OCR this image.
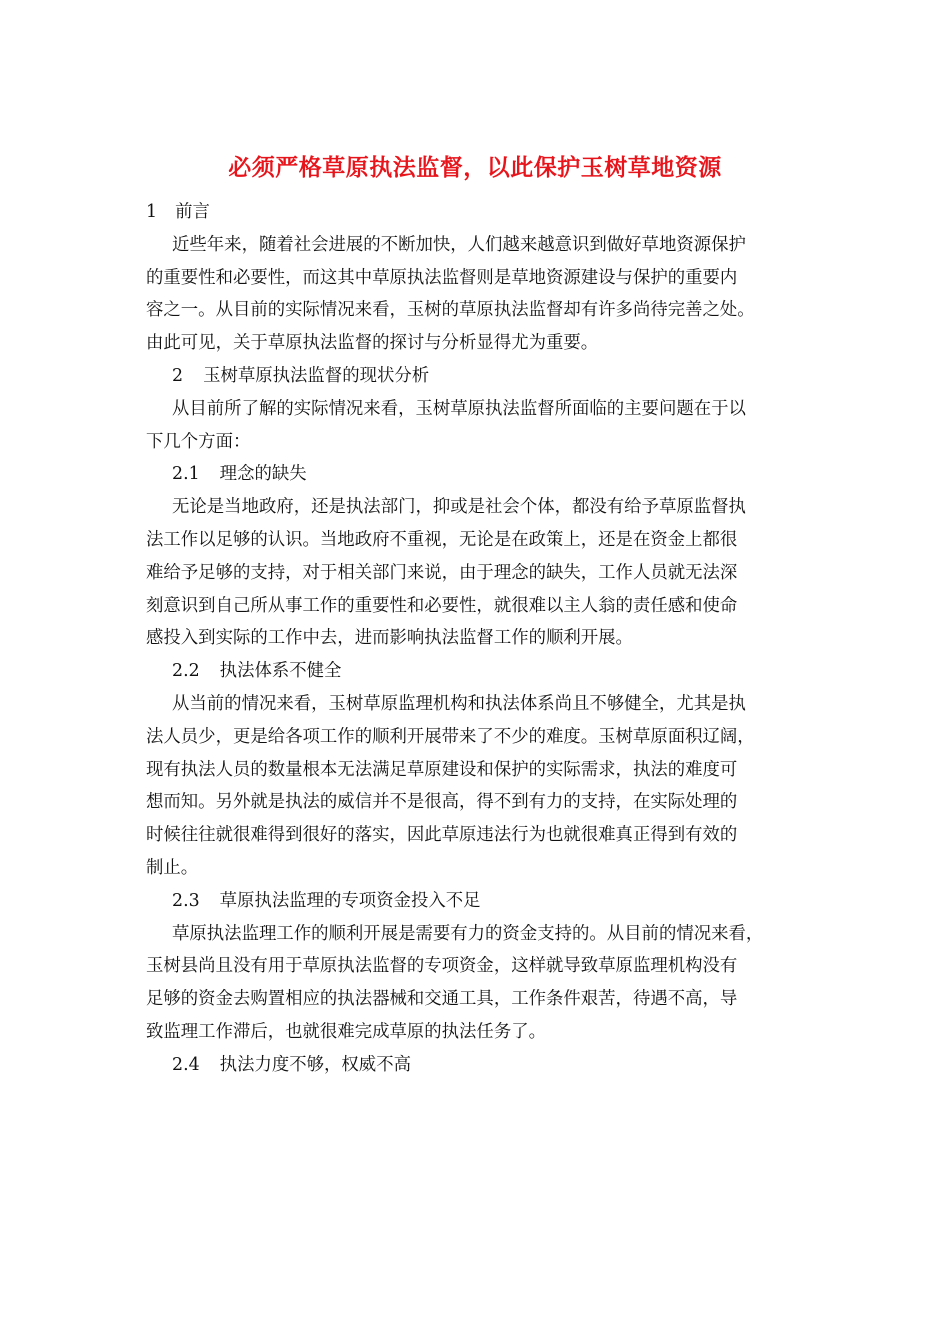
必须严格草原执法监督，以此保护玉树草地资源
1 前言
近些年来，随着社会进展的不断加快，人们越来越意识到做好草地资源保护
的重要性和必要性，而这其中草原执法监督则是草地资源建设与保护的重要内
容之一。从目前的实际情况来看，玉树的草原执法监督却有许多尚待完善之处。
由此可见，关于草原执法监督的探讨与分析显得尤为重要。
2 玉树草原执法监督的现状分析
从目前所了解的实际情况来看，玉树草原执法监督所面临的主要问题在于以
下几个方面：
2.1 理念的缺失
无论是当地政府，还是执法部门，抑或是社会个体，都没有给予草原监督执
法工作以足够的认识。当地政府不重视，无论是在政策上，还是在资金上都很
难给予足够的支持，对于相关部门来说，由于理念的缺失，工作人员就无法深
刻意识到自己所从事工作的重要性和必要性，就很难以主人翁的责任感和使命
感投入到实际的工作中去，进而影响执法监督工作的顺利开展。
2.2 执法体系不健全
从当前的情况来看，玉树草原监理机构和执法体系尚且不够健全，尤其是执
法人员少，更是给各项工作的顺利开展带来了不少的难度。玉树草原面积辽阔，
现有执法人员的数量根本无法满足草原建设和保护的实际需求，执法的难度可
想而知。另外就是执法的威信并不是很高，得不到有力的支持，在实际处理的
时候往往就很难得到很好的落实，因此草原违法行为也就很难真正得到有效的
制止。
2.3 草原执法监理的专项资金投入不足
草原执法监理工作的顺利开展是需要有力的资金支持的。从目前的情况来看，
玉树县尚且没有用于草原执法监督的专项资金，这样就导致草原监理机构没有
足够的资金去购置相应的执法器械和交通工具，工作条件艰苦，待遇不高，导
致监理工作滞后，也就很难完成草原的执法任务了。
2.4 执法力度不够，权威不高
